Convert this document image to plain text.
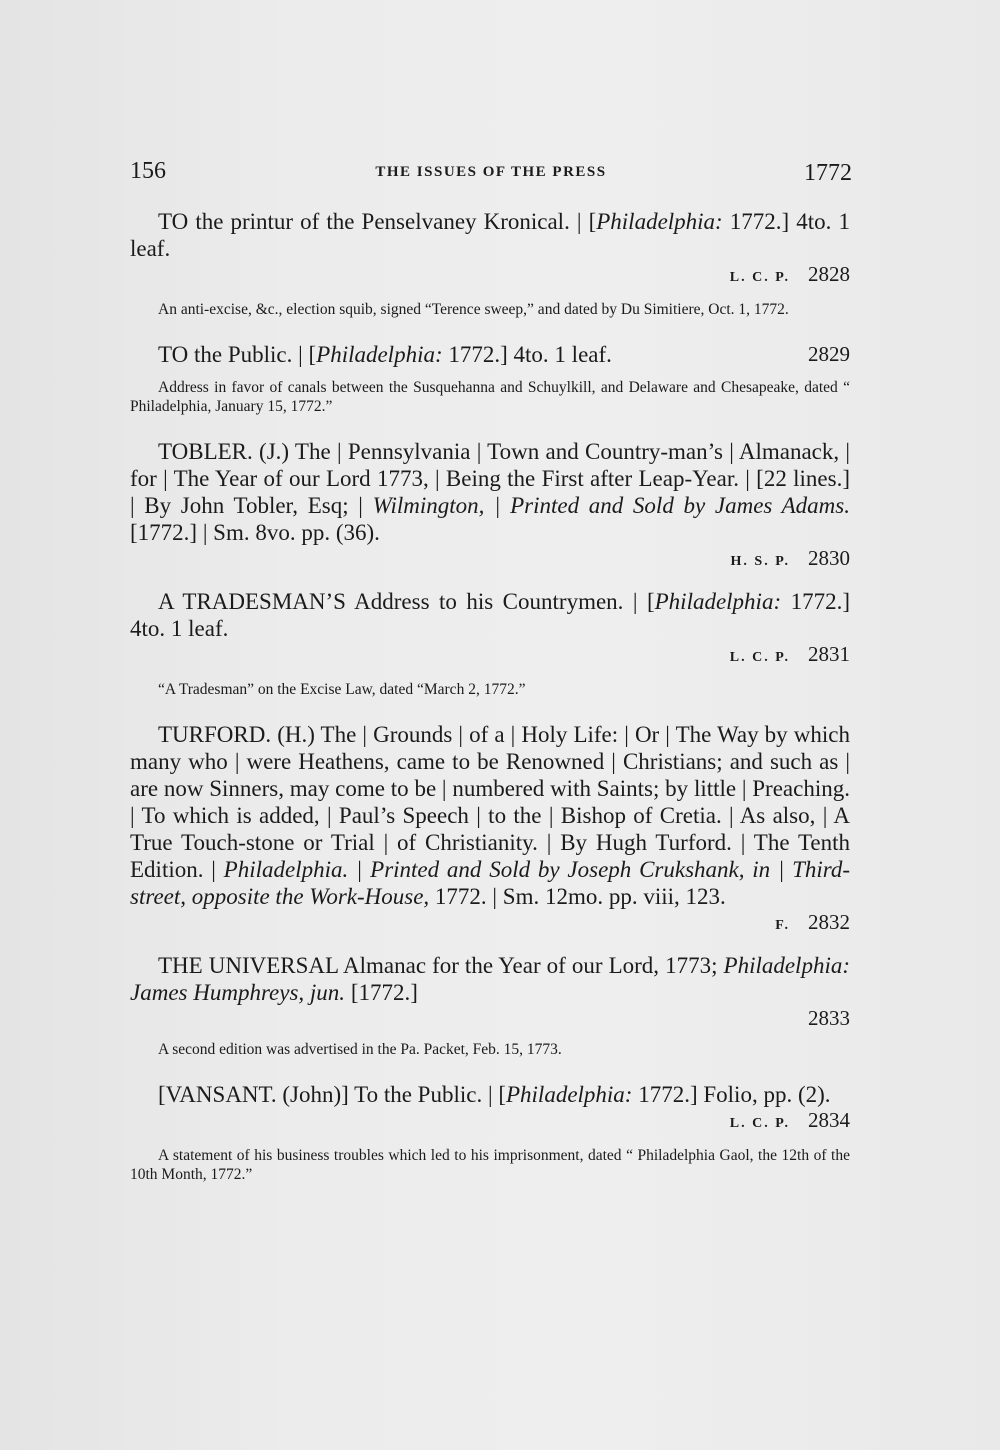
156	THE ISSUES OF THE PRESS	1772
TO the printur of the Penselvaney Kronical. | [Philadelphia: 1772.] 4to. 1 leaf.
L. C. P. 2828
An anti-excise, &c., election squib, signed “Terence sweep,” and dated by Du Simitiere, Oct. 1, 1772.
2829
TO the Public. | [Philadelphia: 1772.] 4to. 1 leaf.
Address in favor of canals between the Susquehanna and Schuylkill, and Delaware and Chesapeake, dated “ Philadelphia, January 15, 1772.”
TOBLER. (J.) The | Pennsylvania | Town and Country-man’s | Almanack, | for | The Year of our Lord 1773, | Being the First after Leap-Year. | [22 lines.] | By John Tobler, Esq; | Wilmington, | Printed and Sold by James Adams. [1772.] | Sm. 8vo. pp. (36).
H. S. P. 2830
A TRADESMAN’S Address to his Countrymen. | [Philadelphia: 1772.] 4to. 1 leaf.
L. C. P. 2831
“A Tradesman” on the Excise Law, dated “March 2, 1772.”
TURFORD. (H.) The | Grounds | of a | Holy Life: | Or | The Way by which many who | were Heathens, came to be Renowned | Christians; and such as | are now Sinners, may come to be | numbered with Saints; by little | Preaching. | To which is added, | Paul’s Speech | to the | Bishop of Cretia. | As also, | A True Touch-stone or Trial | of Christianity. | By Hugh Turford. | The Tenth Edition. | Philadelphia. | Printed and Sold by Joseph Crukshank, in | Third-street, opposite the Work-House, 1772. | Sm. 12mo. pp. viii, 123.
F. 2832
THE UNIVERSAL Almanac for the Year of our Lord, 1773; Philadelphia: James Humphreys, jun. [1772.]
2833
A second edition was advertised in the Pa. Packet, Feb. 15, 1773.
[VANSANT. (John)] To the Public. | [Philadelphia: 1772.] Folio, pp. (2).
L. C. P. 2834
A statement of his business troubles which led to his imprisonment, dated “ Philadelphia Gaol, the 12th of the 10th Month, 1772.”
